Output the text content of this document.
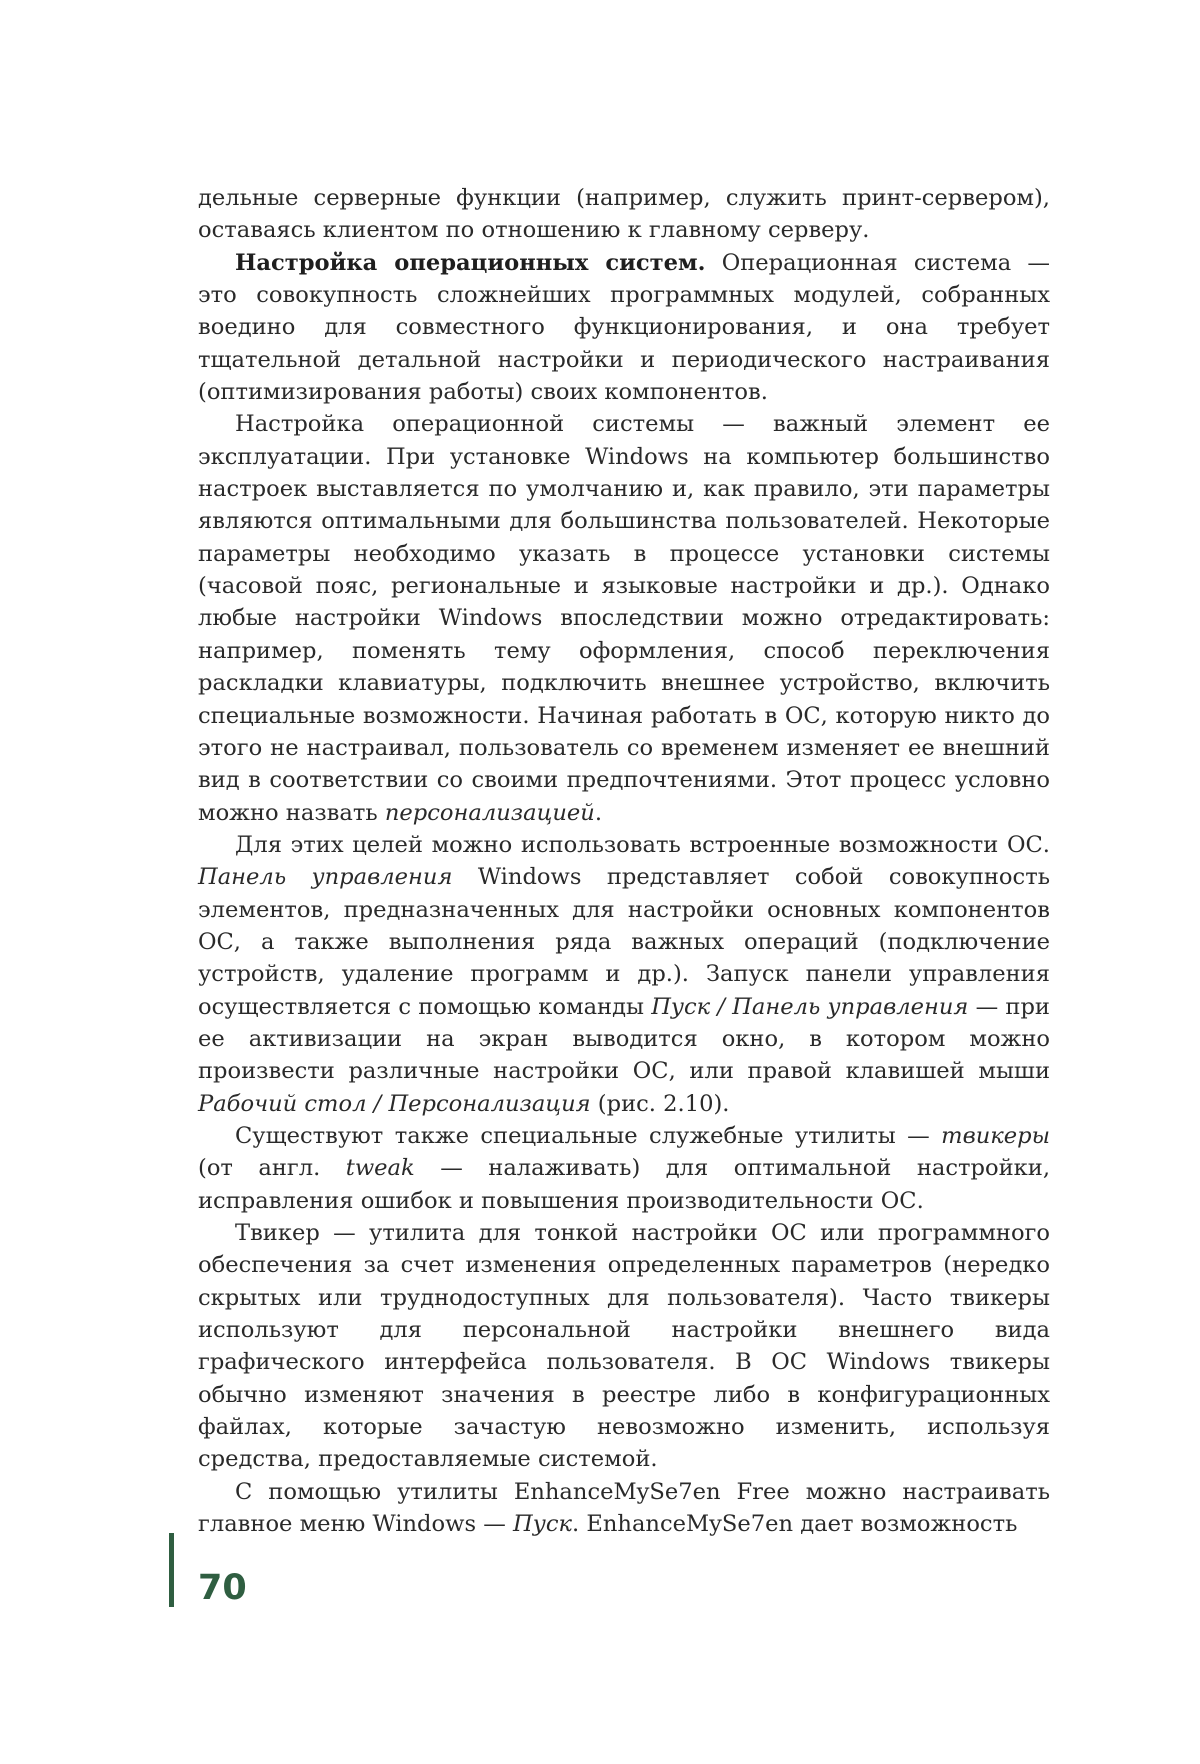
дельные серверные функции (например, служить принт-сервером), оставаясь клиентом по отношению к главному серверу.

Настройка операционных систем. Операционная система — это совокупность сложнейших программных модулей, собранных воедино для совместного функционирования, и она требует тщательной детальной настройки и периодического настраивания (оптимизирования работы) своих компонентов.

Настройка операционной системы — важный элемент ее эксплуатации. При установке Windows на компьютер большинство настроек выставляется по умолчанию и, как правило, эти параметры являются оптимальными для большинства пользователей. Некоторые параметры необходимо указать в процессе установки системы (часовой пояс, региональные и языковые настройки и др.). Однако любые настройки Windows впоследствии можно отредактировать: например, поменять тему оформления, способ переключения раскладки клавиатуры, подключить внешнее устройство, включить специальные возможности. Начиная работать в ОС, которую никто до этого не настраивал, пользователь со временем изменяет ее внешний вид в соответствии со своими предпочтениями. Этот процесс условно можно назвать персонализацией.

Для этих целей можно использовать встроенные возможности ОС. Панель управления Windows представляет собой совокупность элементов, предназначенных для настройки основных компонентов ОС, а также выполнения ряда важных операций (подключение устройств, удаление программ и др.). Запуск панели управления осуществляется с помощью команды Пуск / Панель управления — при ее активизации на экран выводится окно, в котором можно произвести различные настройки ОС, или правой клавишей мыши Рабочий стол / Персонализация (рис. 2.10).

Существуют также специальные служебные утилиты — твикеры (от англ. tweak — налаживать) для оптимальной настройки, исправления ошибок и повышения производительности ОС.

Твикер — утилита для тонкой настройки ОС или программного обеспечения за счет изменения определенных параметров (нередко скрытых или труднодоступных для пользователя). Часто твикеры используют для персональной настройки внешнего вида графического интерфейса пользователя. В ОС Windows твикеры обычно изменяют значения в реестре либо в конфигурационных файлах, которые зачастую невозможно изменить, используя средства, предоставляемые системой.

С помощью утилиты EnhanceMySe7en Free можно настраивать главное меню Windows — Пуск. EnhanceMySe7en дает возможность

70
